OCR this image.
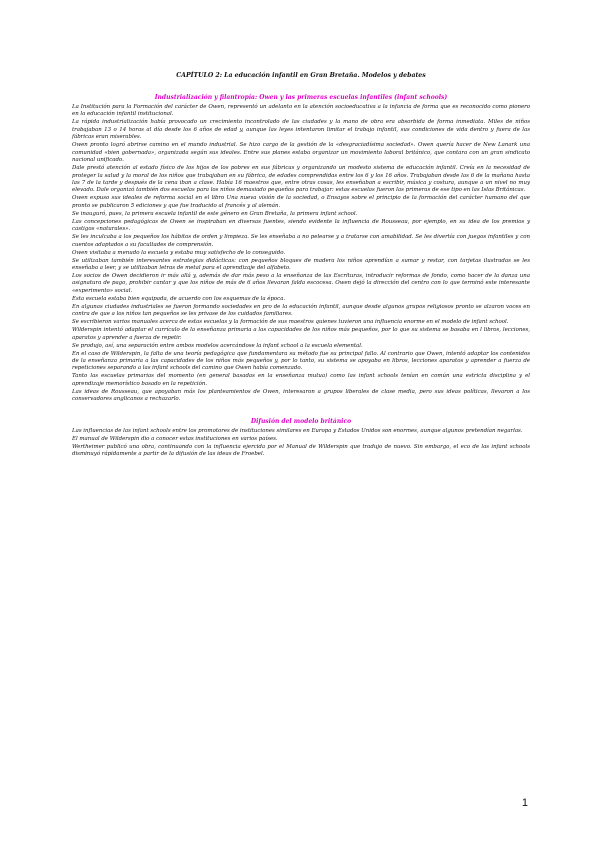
CAPÍTULO 2: La educación infantil en Gran Bretaña. Modelos y debates
Industrialización y filantropía: Owen y las primeras escuelas infantiles (infant schools)

La Institución para la Formación del carácter de Owen, representó un adelanto en la atención socioeducativa a la infancia de forma que es reconocido como pionero en la educación infantil institucional.

La rápida industrialización había provocado un crecimiento incontrolado de las ciudades y la mano de obra era absorbida de forma inmediata. Miles de niños trabajaban 13 o 14 horas al día desde los 6 años de edad y, aunque las leyes intentaron limitar el trabajo infantil, sus condiciones de vida dentro y fuera de las fábricas eran miserables.

Owen pronto logró abrirse camino en el mundo industrial. Se hizo cargo de la gestión de la «desgraciadísima sociedad». Owen quería hacer de New Lanark una comunidad «bien gobernada», organizada según sus ideales. Entre sus planes estaba organizar un movimiento laboral británico, que contara con un gran sindicato nacional unificado.

Dale prestó atención al estado físico de los hijos de los pobres en sus fábricas y organizando un modesto sistema de educación infantil. Creía en la necesidad de proteger la salud y la moral de los niños que trabajaban en su fábrica, de edades comprendidas entre los 6 y los 16 años. Trabajaban desde las 6 de la mañana hasta las 7 de la tarde y después de la cena iban a clase. Había 16 maestros que, entre otras cosas, les enseñaban a escribir, música y costura, aunque a un nivel no muy elevado. Dale organizó también dos escuelas para los niños demasiado pequeños para trabajar: estas escuelas fueron las primeras de ese tipo en las Islas Británicas.

Owen expuso sus ideales de reforma social en el libro Una nueva visión de la sociedad, o Ensayos sobre el principio de la formación del carácter humano del que pronto se publicaron 5 ediciones y que fue traducido al francés y al alemán.

Se inauguró, pues, la primera escuela infantil de este género en Gran Bretaña, la primera infant school.

Las concepciones pedagógicas de Owen se inspiraban en diversas fuentes, siendo evidente la influencia de Rousseau, por ejemplo, en su idea de los premios y castigos «naturales».

Se les inculcaba a los pequeños los hábitos de orden y limpieza. Se les enseñaba a no pelearse y a tratarse con amabilidad. Se les divertía con juegos infantiles y con cuentos adaptados a su facultades de comprensión.

Owen visitaba a menudo la escuela y estaba muy satisfecho de lo conseguido.

Se utilizaban también interesantes estrategias didácticas: con pequeños bloques de madera los niños aprendían a sumar y restar, con tarjetas ilustradas se les enseñaba a leer, y se utilizaban letras de metal para el aprendizaje del alfabeto.

Los socios de Owen decidieron ir más allá y, además de dar más peso a la enseñanza de las Escrituras, introducir reformas de fondo, como hacer de la danza una asignatura de pago, prohibir cantar y que los niños de más de 6 años llevaran falda escocesa. Owen dejó la dirección del centro con lo que terminó este interesante «experimento» social.

Esta escuela estaba bien equipada, de acuerdo con los esquemas de la época.

En algunas ciudades industriales se fueron formando sociedades en pro de la educación infantil, aunque desde algunos grupos religiosos pronto se alzaron voces en contra de que a los niños tan pequeños se les privase de los cuidados familiares.

Se escribieron varios manuales acerca de estas escuelas y la formación de sus maestros quienes tuvieron una influencia enorme en el modelo de infant school.

Wilderspin intentó adaptar el currículo de la enseñanza primaria a las capacidades de los niños más pequeños, por lo que su sistema se basaba en l libros, lecciones, aparatos y aprender a fuerza de repetir.

Se produjo, así, una separación entre ambos modelos acercándose la infant school a la escuela elemental.

En el caso de Wilderspin, la falta de una teoría pedagógica que fundamentara su método fue su principal fallo. Al contrario que Owen, intentó adaptar los contenidos de la enseñanza primaria a las capacidades de los niños más pequeños y, por lo tanto, su sistema se apoyaba en libros, lecciones aparatos y aprender a fuerza de repeticiones separando a las infant schools del camino que Owen había comenzado.

Tanto las escuelas primarias del momento (en general basadas en la enseñanza mutua) como las infant schools tenían en común una estricta disciplina y el aprendizaje memorístico basado en la repetición.

Las ideas de Rousseau, que apoyaban más los planteamientos de Owen, interesaron a grupos liberales de clase media, pero sus ideas políticas, llevaron a los conservadores anglicanos a rechazarlo.

Difusión del modelo británico

Las influencias de las infant schools entre los promotores de instituciones similares en Europa y Estados Unidos son enormes, aunque algunos pretendían negarlas.

El manual de Wilderspin dio a conocer estas instituciones en varios países.

Wertheimer publicó una obra, continuando con la influencia ejercida por el Manual de Wilderspin que tradujo de nuevo. Sin embargo, el eco de las infant schools disminuyó rápidamente a partir de la difusión de las ideas de Froebel.

1
